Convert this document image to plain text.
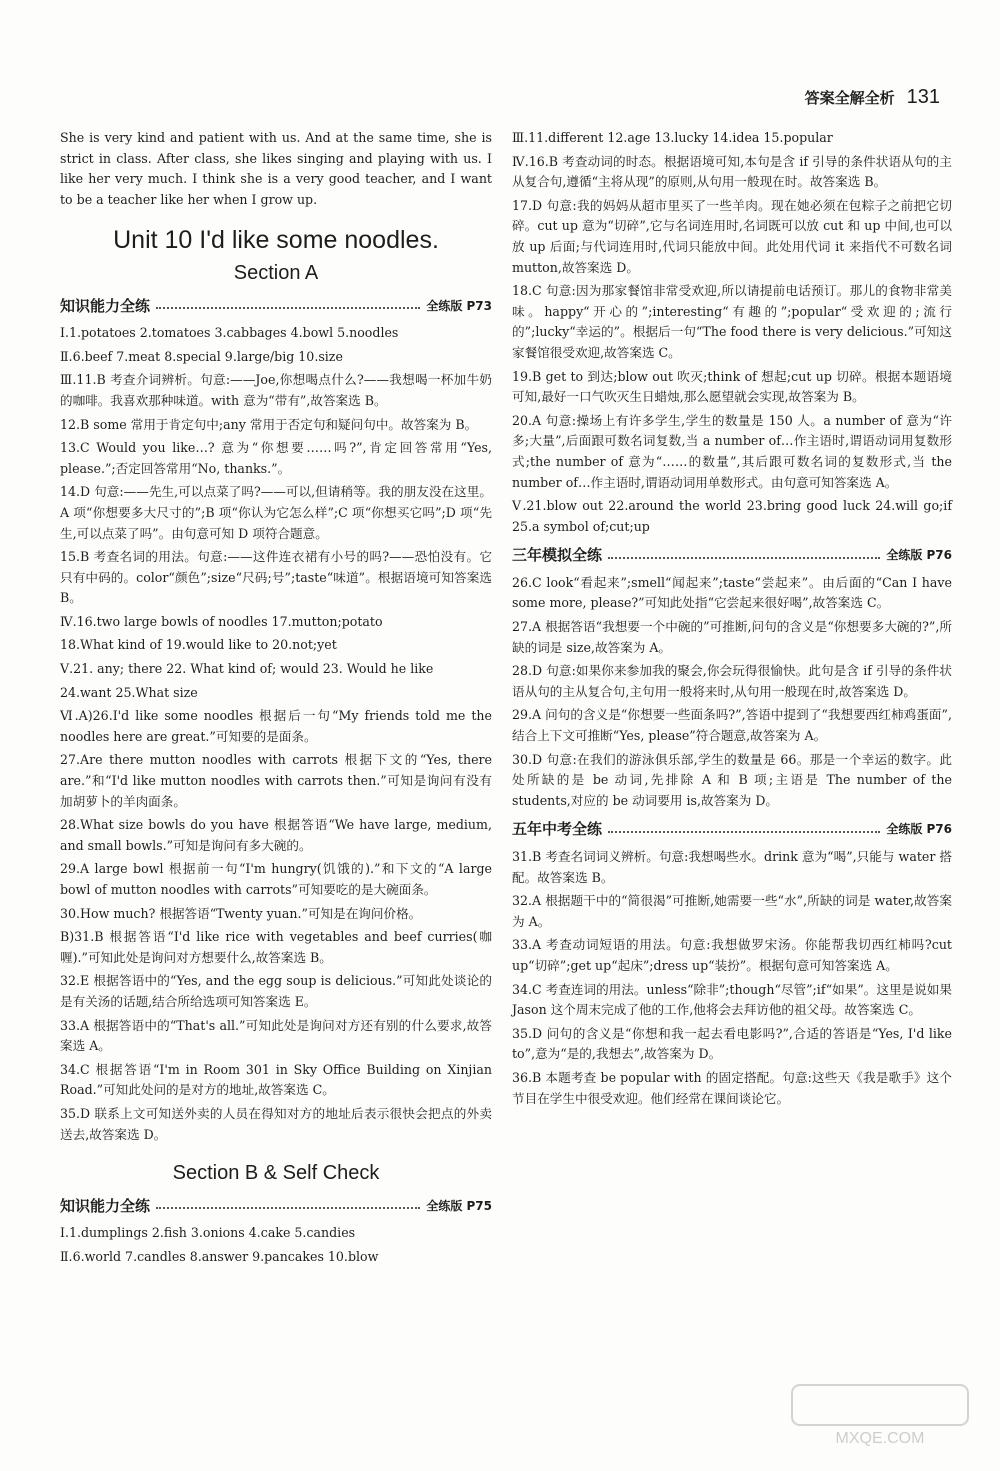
答案全解全析 131

She is very kind and patient with us. And at the same time, she is strict in class. After class, she likes singing and playing with us. I like her very much. I think she is a very good teacher, and I want to be a teacher like her when I grow up.

Unit 10 I'd like some noodles.
Section A
知识能力全练	全练版 P73

Ⅰ.1.potatoes 2.tomatoes 3.cabbages 4.bowl 5.noodles

Ⅱ.6.beef 7.meat 8.special 9.large/big 10.size

Ⅲ.11.B 考查介词辨析。句意:——Joe,你想喝点什么?——我想喝一杯加牛奶的咖啡。我喜欢那种味道。with 意为“带有”,故答案选 B。

12.B some 常用于肯定句中;any 常用于否定句和疑问句中。故答案为 B。

13.C Would you like…? 意为“你想要……吗?”,肯定回答常用“Yes, please.”;否定回答常用“No, thanks.”。

14.D 句意:——先生,可以点菜了吗?——可以,但请稍等。我的朋友没在这里。A 项“你想要多大尺寸的”;B 项“你认为它怎么样”;C 项“你想买它吗”;D 项“先生,可以点菜了吗”。由句意可知 D 项符合题意。

15.B 考查名词的用法。句意:——这件连衣裙有小号的吗?——恐怕没有。它只有中码的。color“颜色”;size“尺码;号”;taste“味道”。根据语境可知答案选 B。

Ⅳ.16.two large bowls of noodles 17.mutton;potato

18.What kind of 19.would like to 20.not;yet

Ⅴ.21. any; there 22. What kind of; would 23. Would he like

24.want 25.What size

Ⅵ.A)26.I'd like some noodles 根据后一句“My friends told me the noodles here are great.”可知要的是面条。

27.Are there mutton noodles with carrots 根据下文的“Yes, there are.”和“I'd like mutton noodles with carrots then.”可知是询问有没有加胡萝卜的羊肉面条。

28.What size bowls do you have 根据答语“We have large, medium, and small bowls.”可知是询问有多大碗的。

29.A large bowl 根据前一句“I'm hungry(饥饿的).”和下文的“A large bowl of mutton noodles with carrots”可知要吃的是大碗面条。

30.How much? 根据答语“Twenty yuan.”可知是在询问价格。

B)31.B 根据答语“I'd like rice with vegetables and beef curries(咖喱).”可知此处是询问对方想要什么,故答案选 B。

32.E 根据答语中的“Yes, and the egg soup is delicious.”可知此处谈论的是有关汤的话题,结合所给选项可知答案选 E。

33.A 根据答语中的“That's all.”可知此处是询问对方还有别的什么要求,故答案选 A。

34.C 根据答语“I'm in Room 301 in Sky Office Building on Xinjian Road.”可知此处问的是对方的地址,故答案选 C。

35.D 联系上文可知送外卖的人员在得知对方的地址后表示很快会把点的外卖送去,故答案选 D。

Section B & Self Check
知识能力全练	全练版 P75

Ⅰ.1.dumplings 2.fish 3.onions 4.cake 5.candies

Ⅱ.6.world 7.candles 8.answer 9.pancakes 10.blow

Ⅲ.11.different 12.age 13.lucky 14.idea 15.popular

Ⅳ.16.B 考查动词的时态。根据语境可知,本句是含 if 引导的条件状语从句的主从复合句,遵循“主将从现”的原则,从句用一般现在时。故答案选 B。

17.D 句意:我的妈妈从超市里买了一些羊肉。现在她必须在包粽子之前把它切碎。cut up 意为“切碎”,它与名词连用时,名词既可以放 cut 和 up 中间,也可以放 up 后面;与代词连用时,代词只能放中间。此处用代词 it 来指代不可数名词 mutton,故答案选 D。

18.C 句意:因为那家餐馆非常受欢迎,所以请提前电话预订。那儿的食物非常美味。happy“开心的”;interesting“有趣的”;popular“受欢迎的;流行的”;lucky“幸运的”。根据后一句“The food there is very delicious.”可知这家餐馆很受欢迎,故答案选 C。

19.B get to 到达;blow out 吹灭;think of 想起;cut up 切碎。根据本题语境可知,最好一口气吹灭生日蜡烛,那么愿望就会实现,故答案为 B。

20.A 句意:操场上有许多学生,学生的数量是 150 人。a number of 意为“许多;大量”,后面跟可数名词复数,当 a number of…作主语时,谓语动词用复数形式;the number of 意为“……的数量”,其后跟可数名词的复数形式,当 the number of…作主语时,谓语动词用单数形式。由句意可知答案选 A。

Ⅴ.21.blow out 22.around the world 23.bring good luck 24.will go;if 25.a symbol of;cut;up

三年模拟全练	全练版 P76

26.C look“看起来”;smell“闻起来”;taste“尝起来”。由后面的“Can I have some more, please?”可知此处指“它尝起来很好喝”,故答案选 C。

27.A 根据答语“我想要一个中碗的”可推断,问句的含义是“你想要多大碗的?”,所缺的词是 size,故答案为 A。

28.D 句意:如果你来参加我的聚会,你会玩得很愉快。此句是含 if 引导的条件状语从句的主从复合句,主句用一般将来时,从句用一般现在时,故答案选 D。

29.A 问句的含义是“你想要一些面条吗?”,答语中提到了“我想要西红柿鸡蛋面”,结合上下文可推断“Yes, please”符合题意,故答案为 A。

30.D 句意:在我们的游泳俱乐部,学生的数量是 66。那是一个幸运的数字。此处所缺的是 be 动词,先排除 A 和 B 项;主语是 The number of the students,对应的 be 动词要用 is,故答案为 D。

五年中考全练	全练版 P76

31.B 考查名词词义辨析。句意:我想喝些水。drink 意为“喝”,只能与 water 搭配。故答案选 B。

32.A 根据题干中的“简很渴”可推断,她需要一些“水”,所缺的词是 water,故答案为 A。

33.A 考查动词短语的用法。句意:我想做罗宋汤。你能帮我切西红柿吗?cut up“切碎”;get up“起床”;dress up“装扮”。根据句意可知答案选 A。

34.C 考查连词的用法。unless“除非”;though“尽管”;if“如果”。这里是说如果 Jason 这个周末完成了他的工作,他将会去拜访他的祖父母。故答案选 C。

35.D 问句的含义是“你想和我一起去看电影吗?”,合适的答语是“Yes, I'd like to”,意为“是的,我想去”,故答案为 D。

36.B 本题考查 be popular with 的固定搭配。句意:这些天《我是歌手》这个节目在学生中很受欢迎。他们经常在课间谈论它。

MXQE.COM
